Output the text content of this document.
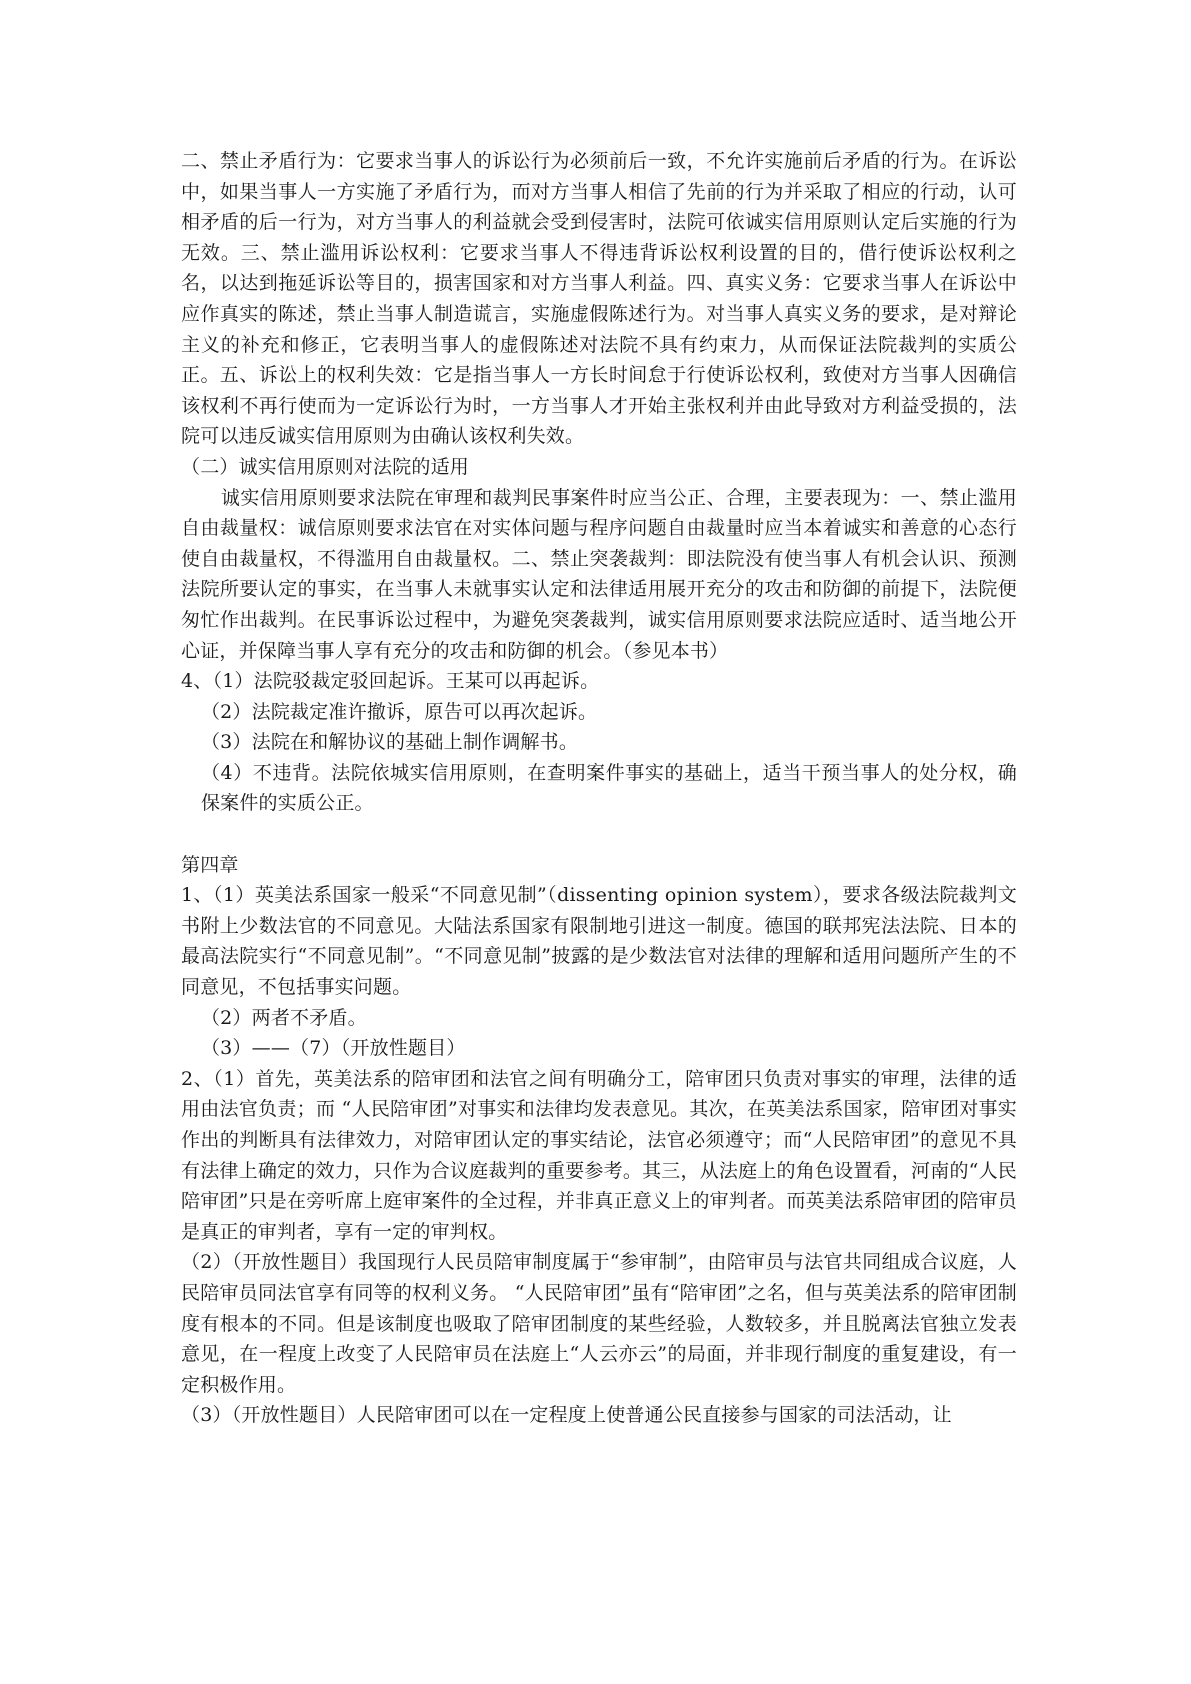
二、禁止矛盾行为：它要求当事人的诉讼行为必须前后一致，不允许实施前后矛盾的行为。在诉讼中，如果当事人一方实施了矛盾行为，而对方当事人相信了先前的行为并采取了相应的行动，认可相矛盾的后一行为，对方当事人的利益就会受到侵害时，法院可依诚实信用原则认定后实施的行为无效。三、禁止滥用诉讼权利：它要求当事人不得违背诉讼权利设置的目的，借行使诉讼权利之名，以达到拖延诉讼等目的，损害国家和对方当事人利益。四、真实义务：它要求当事人在诉讼中应作真实的陈述，禁止当事人制造谎言，实施虚假陈述行为。对当事人真实义务的要求，是对辩论主义的补充和修正，它表明当事人的虚假陈述对法院不具有约束力，从而保证法院裁判的实质公正。五、诉讼上的权利失效：它是指当事人一方长时间怠于行使诉讼权利，致使对方当事人因确信该权利不再行使而为一定诉讼行为时，一方当事人才开始主张权利并由此导致对方利益受损的，法院可以违反诚实信用原则为由确认该权利失效。

（二）诚实信用原则对法院的适用

诚实信用原则要求法院在审理和裁判民事案件时应当公正、合理，主要表现为：一、禁止滥用自由裁量权：诚信原则要求法官在对实体问题与程序问题自由裁量时应当本着诚实和善意的心态行使自由裁量权，不得滥用自由裁量权。二、禁止突袭裁判：即法院没有使当事人有机会认识、预测法院所要认定的事实，在当事人未就事实认定和法律适用展开充分的攻击和防御的前提下，法院便匆忙作出裁判。在民事诉讼过程中，为避免突袭裁判，诚实信用原则要求法院应适时、适当地公开心证，并保障当事人享有充分的攻击和防御的机会。（参见本书）

4、（1）法院驳裁定驳回起诉。王某可以再起诉。

（2）法院裁定准许撤诉，原告可以再次起诉。

（3）法院在和解协议的基础上制作调解书。

（4）不违背。法院依城实信用原则，在查明案件事实的基础上，适当干预当事人的处分权，确保案件的实质公正。

第四章

1、（1）英美法系国家一般采“不同意见制”（dissenting opinion system），要求各级法院裁判文书附上少数法官的不同意见。大陆法系国家有限制地引进这一制度。德国的联邦宪法法院、日本的最高法院实行“不同意见制”。“不同意见制”披露的是少数法官对法律的理解和适用问题所产生的不同意见，不包括事实问题。

（2）两者不矛盾。

（3）——（7）（开放性题目）

2、（1）首先，英美法系的陪审团和法官之间有明确分工，陪审团只负责对事实的审理，法律的适用由法官负责；而 “人民陪审团”对事实和法律均发表意见。其次，在英美法系国家，陪审团对事实作出的判断具有法律效力，对陪审团认定的事实结论，法官必须遵守；而“人民陪审团”的意见不具有法律上确定的效力，只作为合议庭裁判的重要参考。其三，从法庭上的角色设置看，河南的“人民陪审团”只是在旁听席上庭审案件的全过程，并非真正意义上的审判者。而英美法系陪审团的陪审员是真正的审判者，享有一定的审判权。

（2）（开放性题目）我国现行人民员陪审制度属于“参审制”，由陪审员与法官共同组成合议庭，人民陪审员同法官享有同等的权利义务。 “人民陪审团”虽有“陪审团”之名，但与英美法系的陪审团制度有根本的不同。但是该制度也吸取了陪审团制度的某些经验，人数较多，并且脱离法官独立发表意见，在一程度上改变了人民陪审员在法庭上“人云亦云”的局面，并非现行制度的重复建设，有一定积极作用。

（3）（开放性题目）人民陪审团可以在一定程度上使普通公民直接参与国家的司法活动，让
